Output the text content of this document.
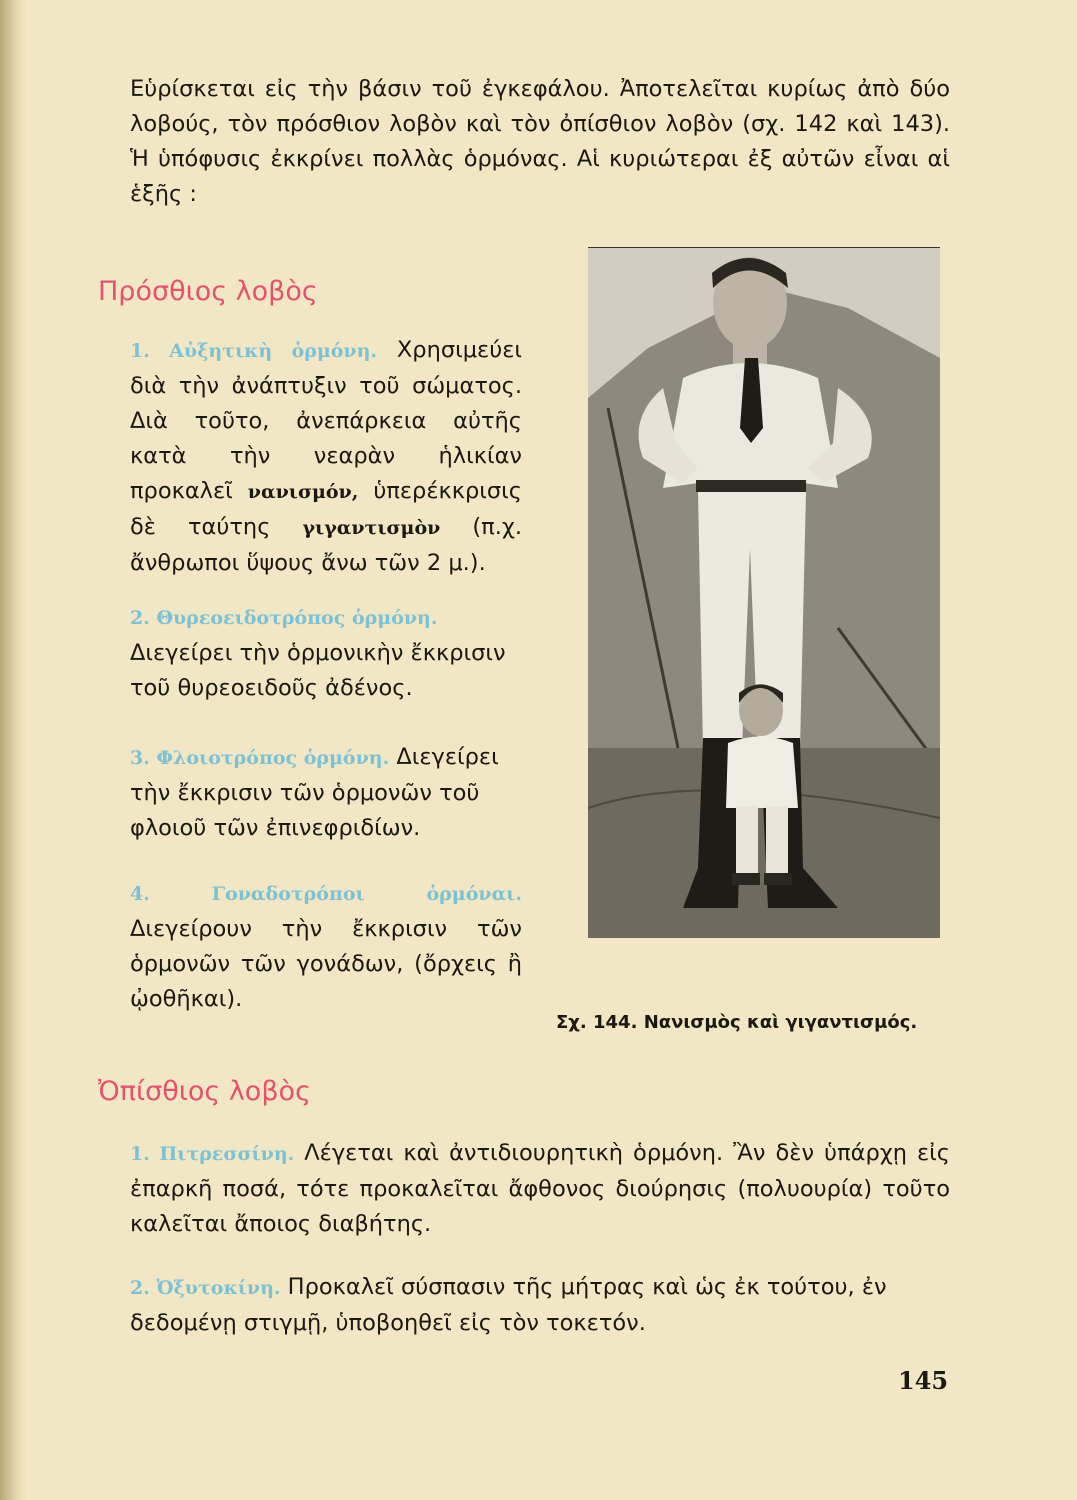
Εὑρίσκεται εἰς τὴν βάσιν τοῦ ἐγκεφάλου. Ἀποτελεῖται κυρίως ἀπὸ δύο λοβούς, τὸν πρόσθιον λοβὸν καὶ τὸν ὀπίσθιον λοβὸν (σχ. 142 καὶ 143). Ἡ ὑπόφυσις ἐκκρίνει πολλὰς ὁρμόνας. Αἱ κυριώτεραι ἐξ αὐτῶν εἶναι αἱ ἑξῆς :

Πρόσθιος λοβὸς

1. Αὐξητικὴ ὁρμόνη. Χρησιμεύει διὰ τὴν ἀνάπτυξιν τοῦ σώματος. Διὰ τοῦτο, ἀνεπάρκεια αὐτῆς κατὰ τὴν νεαρὰν ἡλικίαν προκαλεῖ νανισμόν, ὑπερέκκρισις δὲ ταύτης γιγαντισμὸν (π.χ. ἄνθρωποι ὕψους ἄνω τῶν 2 μ.).

2. Θυρεοειδοτρόπος ὁρμόνη. Διεγείρει τὴν ὁρμονικὴν ἔκκρισιν τοῦ θυρεοειδοῦς ἀδένος.

3. Φλοιοτρόπος ὁρμόνη. Διεγείρει τὴν ἔκκρισιν τῶν ὁρμονῶν τοῦ φλοιοῦ τῶν ἐπινεφριδίων.

4. Γοναδοτρόποι ὁρμόναι. Διεγείρουν τὴν ἔκκρισιν τῶν ὁρμονῶν τῶν γονάδων, (ὄρχεις ἢ ᾠοθῆκαι).

Σχ. 144. Νανισμὸς καὶ γιγαντισμός.

Ὀπίσθιος λοβὸς

1. Πιτρεσσίνη. Λέγεται καὶ ἀντιδιουρητικὴ ὁρμόνη. Ἂν δὲν ὑπάρχῃ εἰς ἐπαρκῆ ποσά, τότε προκαλεῖται ἄφθονος διούρησις (πολυουρία) τοῦτο καλεῖται ἄποιος διαβήτης.

2. Ὀξυτοκίνη. Προκαλεῖ σύσπασιν τῆς μήτρας καὶ ὡς ἐκ τούτου, ἐν δεδομένῃ στιγμῇ, ὑποβοηθεῖ εἰς τὸν τοκετόν.

145
